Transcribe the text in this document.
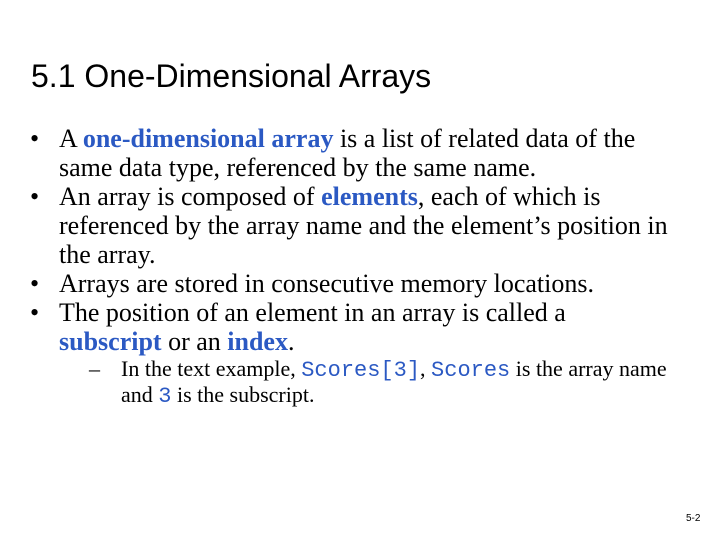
5.1 One-Dimensional Arrays
• A one-dimensional array is a list of related data of the same data type, referenced by the same name.
• An array is composed of elements, each of which is referenced by the array name and the element’s position in the array.
• Arrays are stored in consecutive memory locations.
• The position of an element in an array is called a subscript or an index.
– In the text example, Scores[3], Scores is the array name and 3 is the subscript.
5-2
